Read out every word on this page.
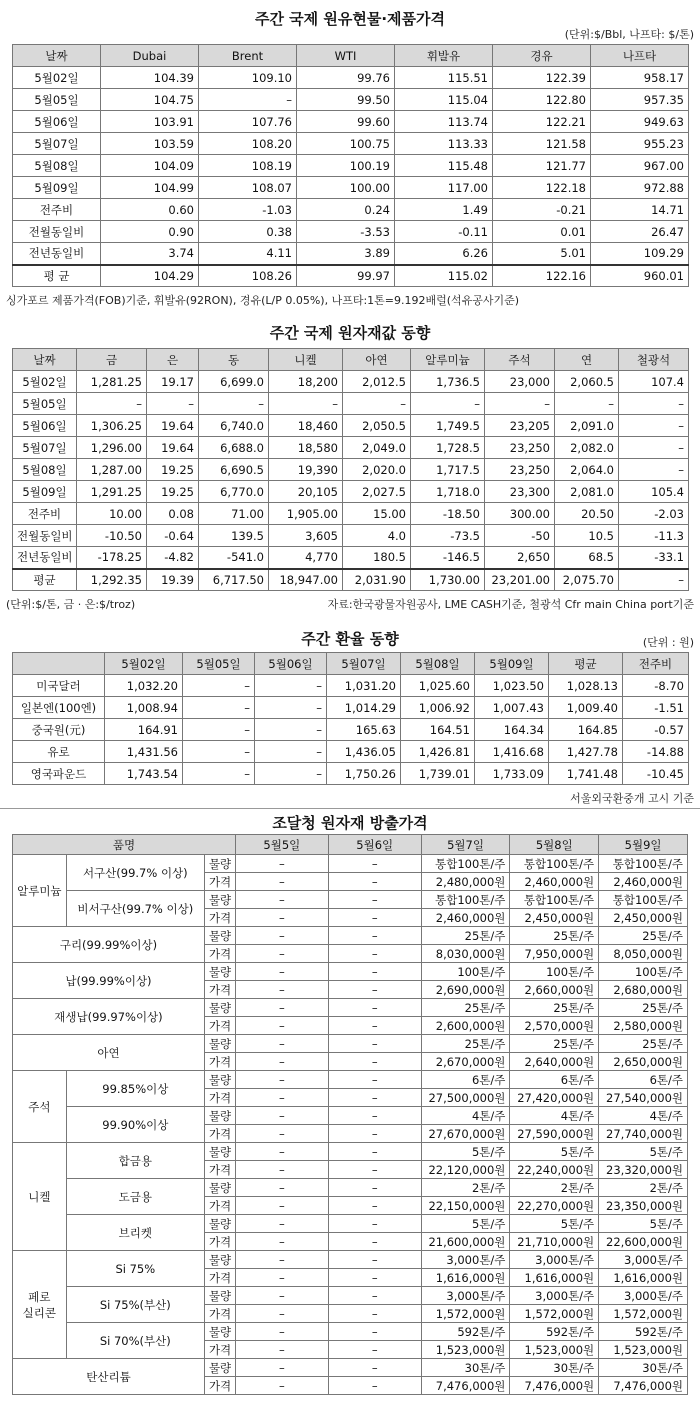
주간 국제 원유현물·제품가격
(단위:$/Bbl, 나프타: $/톤)
날짜	Dubai	Brent	WTI	휘발유	경유	나프타
5월02일	104.39	109.10	99.76	115.51	122.39	958.17
5월05일	104.75	–	99.50	115.04	122.80	957.35
5월06일	103.91	107.76	99.60	113.74	122.21	949.63
5월07일	103.59	108.20	100.75	113.33	121.58	955.23
5월08일	104.09	108.19	100.19	115.48	121.77	967.00
5월09일	104.99	108.07	100.00	117.00	122.18	972.88
전주비	0.60	-1.03	0.24	1.49	-0.21	14.71
전월동일비	0.90	0.38	-3.53	-0.11	0.01	26.47
전년동일비	3.74	4.11	3.89	6.26	5.01	109.29
평 균	104.29	108.26	99.97	115.02	122.16	960.01
싱가포르 제품가격(FOB)기준, 휘발유(92RON), 경유(L/P 0.05%), 나프타:1톤=9.192배럴(석유공사기준)
주간 국제 원자재값 동향
날짜	금	은	동	니켈	아연	알루미늄	주석	연	철광석
5월02일	1,281.25	19.17	6,699.0	18,200	2,012.5	1,736.5	23,000	2,060.5	107.4
5월05일	–	–	–	–	–	–	–	–	–
5월06일	1,306.25	19.64	6,740.0	18,460	2,050.5	1,749.5	23,205	2,091.0	–
5월07일	1,296.00	19.64	6,688.0	18,580	2,049.0	1,728.5	23,250	2,082.0	–
5월08일	1,287.00	19.25	6,690.5	19,390	2,020.0	1,717.5	23,250	2,064.0	–
5월09일	1,291.25	19.25	6,770.0	20,105	2,027.5	1,718.0	23,300	2,081.0	105.4
전주비	10.00	0.08	71.00	1,905.00	15.00	-18.50	300.00	20.50	-2.03
전월동일비	-10.50	-0.64	139.5	3,605	4.0	-73.5	-50	10.5	-11.3
전년동일비	-178.25	-4.82	-541.0	4,770	180.5	-146.5	2,650	68.5	-33.1
평균	1,292.35	19.39	6,717.50	18,947.00	2,031.90	1,730.00	23,201.00	2,075.70	–
(단위:$/톤, 금 · 은:$/troz)	자료:한국광물자원공사, LME CASH기준, 철광석 Cfr main China port기준
주간 환율 동향	(단위 : 원)
	5월02일	5월05일	5월06일	5월07일	5월08일	5월09일	평균	전주비
미국달러	1,032.20	–	–	1,031.20	1,025.60	1,023.50	1,028.13	-8.70
일본엔(100엔)	1,008.94	–	–	1,014.29	1,006.92	1,007.43	1,009.40	-1.51
중국원(元)	164.91	–	–	165.63	164.51	164.34	164.85	-0.57
유로	1,431.56	–	–	1,436.05	1,426.81	1,416.68	1,427.78	-14.88
영국파운드	1,743.54	–	–	1,750.26	1,739.01	1,733.09	1,741.48	-10.45
서울외국환중개 고시 기준
조달청 원자재 방출가격
품명			5월5일	5월6일	5월7일	5월8일	5월9일
알루미늄	서구산(99.7% 이상)	물량	–	–	통합100톤/주	통합100톤/주	통합100톤/주
		가격	–	–	2,480,000원	2,460,000원	2,460,000원
	비서구산(99.7% 이상)	물량	–	–	통합100톤/주	통합100톤/주	통합100톤/주
		가격	–	–	2,460,000원	2,450,000원	2,450,000원
구리(99.99%이상)		물량	–	–	25톤/주	25톤/주	25톤/주
		가격	–	–	8,030,000원	7,950,000원	8,050,000원
납(99.99%이상)		물량	–	–	100톤/주	100톤/주	100톤/주
		가격	–	–	2,690,000원	2,660,000원	2,680,000원
재생납(99.97%이상)		물량	–	–	25톤/주	25톤/주	25톤/주
		가격	–	–	2,600,000원	2,570,000원	2,580,000원
아연		물량	–	–	25톤/주	25톤/주	25톤/주
		가격	–	–	2,670,000원	2,640,000원	2,650,000원
주석	99.85%이상	물량	–	–	6톤/주	6톤/주	6톤/주
		가격	–	–	27,500,000원	27,420,000원	27,540,000원
	99.90%이상	물량	–	–	4톤/주	4톤/주	4톤/주
		가격	–	–	27,670,000원	27,590,000원	27,740,000원
니켈	합금용	물량	–	–	5톤/주	5톤/주	5톤/주
		가격	–	–	22,120,000원	22,240,000원	23,320,000원
	도금용	물량	–	–	2톤/주	2톤/주	2톤/주
		가격	–	–	22,150,000원	22,270,000원	23,350,000원
	브리켓	물량	–	–	5톤/주	5톤/주	5톤/주
		가격	–	–	21,600,000원	21,710,000원	22,600,000원
페로
실리콘	Si 75%	물량	–	–	3,000톤/주	3,000톤/주	3,000톤/주
		가격	–	–	1,616,000원	1,616,000원	1,616,000원
	Si 75%(부산)	물량	–	–	3,000톤/주	3,000톤/주	3,000톤/주
		가격	–	–	1,572,000원	1,572,000원	1,572,000원
	Si 70%(부산)	물량	–	–	592톤/주	592톤/주	592톤/주
		가격	–	–	1,523,000원	1,523,000원	1,523,000원
탄산리튬		물량	–	–	30톤/주	30톤/주	30톤/주
		가격	–	–	7,476,000원	7,476,000원	7,476,000원
